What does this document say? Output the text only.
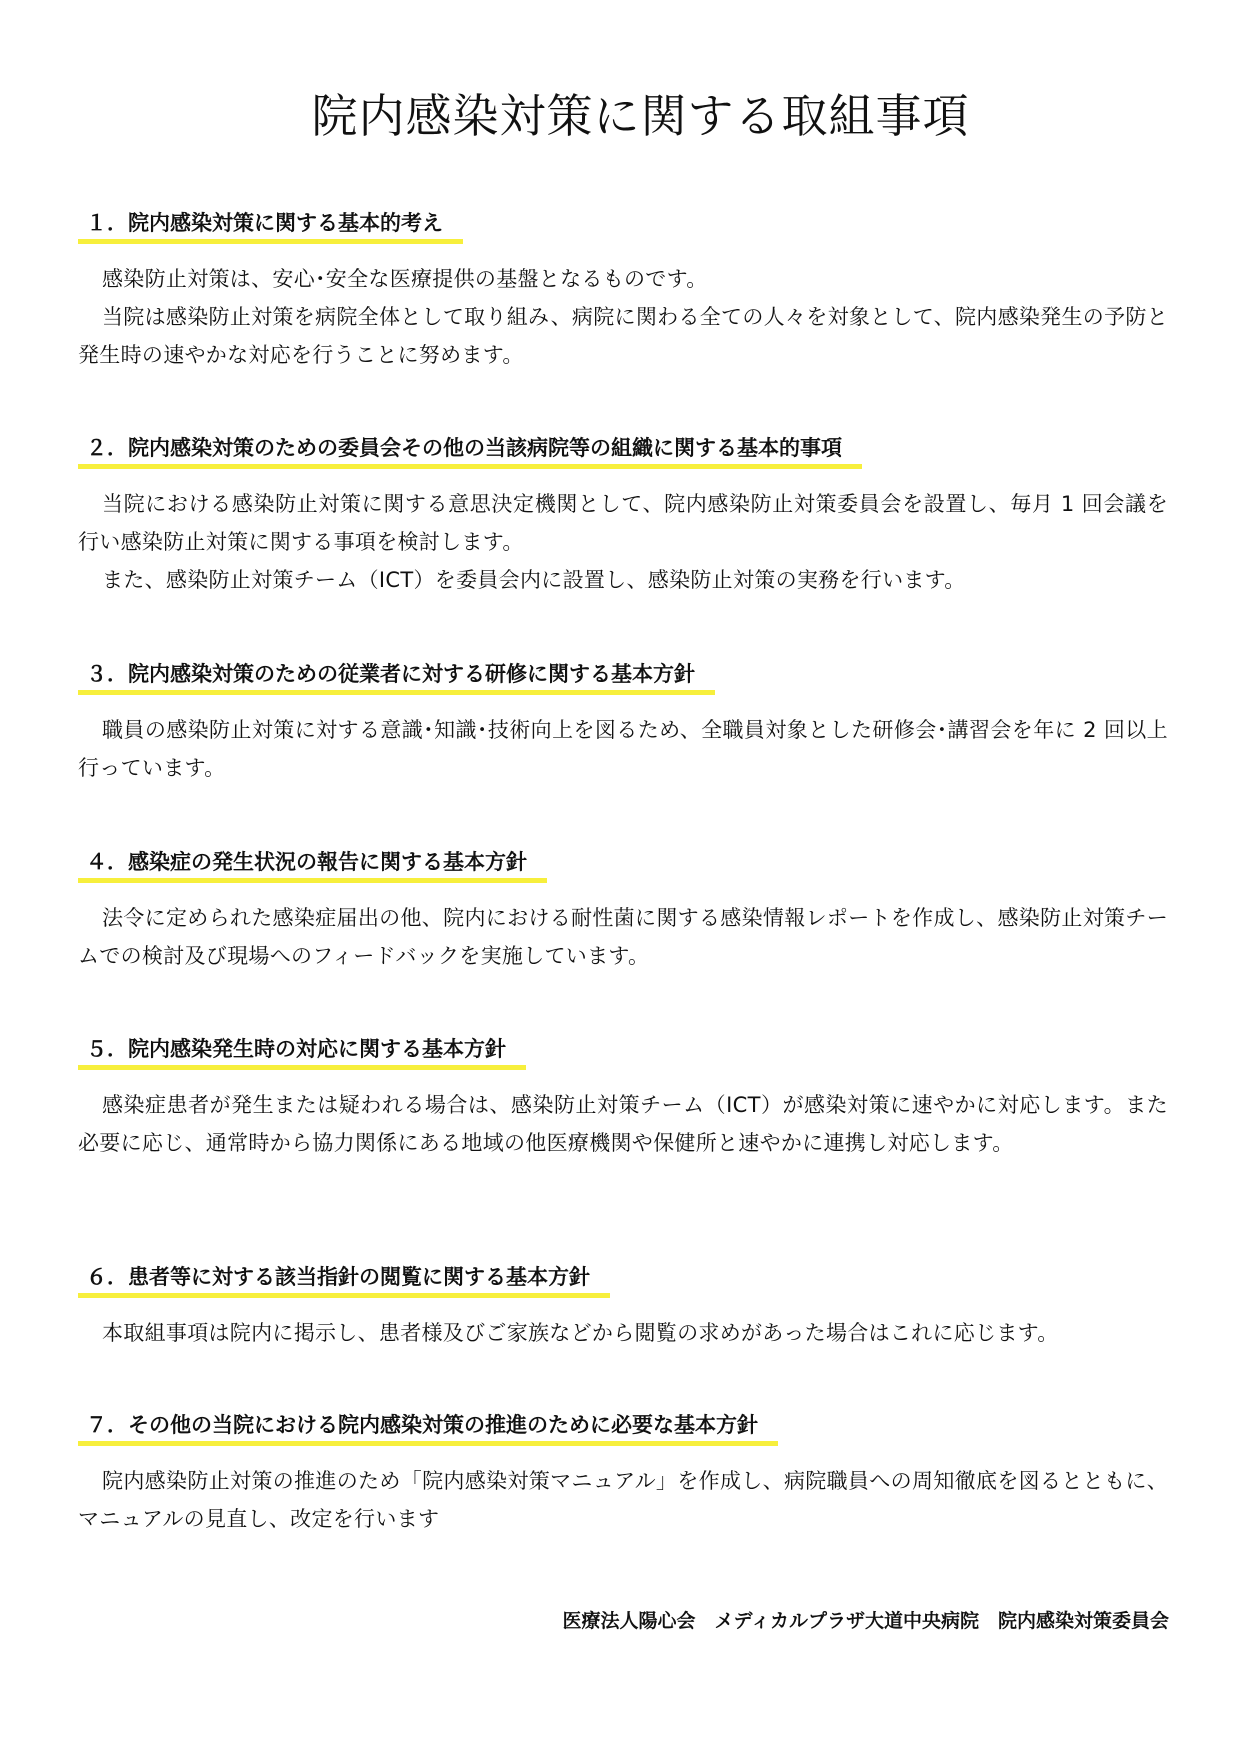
院内感染対策に関する取組事項
１．院内感染対策に関する基本的考え

感染防止対策は、安心･安全な医療提供の基盤となるものです。

当院は感染防止対策を病院全体として取り組み、病院に関わる全ての人々を対象として、院内感染発生の予防と発生時の速やかな対応を行うことに努めます。

２．院内感染対策のための委員会その他の当該病院等の組織に関する基本的事項

当院における感染防止対策に関する意思決定機関として、院内感染防止対策委員会を設置し、毎月 1 回会議を行い感染防止対策に関する事項を検討します。

また、感染防止対策チーム（ICT）を委員会内に設置し、感染防止対策の実務を行います。

３．院内感染対策のための従業者に対する研修に関する基本方針

職員の感染防止対策に対する意識･知識･技術向上を図るため、全職員対象とした研修会･講習会を年に 2 回以上行っています。

４．感染症の発生状況の報告に関する基本方針

法令に定められた感染症届出の他、院内における耐性菌に関する感染情報レポートを作成し、感染防止対策チームでの検討及び現場へのフィードバックを実施しています。

５．院内感染発生時の対応に関する基本方針

感染症患者が発生または疑われる場合は、感染防止対策チーム（ICT）が感染対策に速やかに対応します。また必要に応じ、通常時から協力関係にある地域の他医療機関や保健所と速やかに連携し対応します。

６．患者等に対する該当指針の閲覧に関する基本方針

本取組事項は院内に掲示し、患者様及びご家族などから閲覧の求めがあった場合はこれに応じます。

７．その他の当院における院内感染対策の推進のために必要な基本方針

院内感染防止対策の推進のため「院内感染対策マニュアル」を作成し、病院職員への周知徹底を図るとともに、マニュアルの見直し、改定を行います

医療法人陽心会　メディカルプラザ大道中央病院　院内感染対策委員会
